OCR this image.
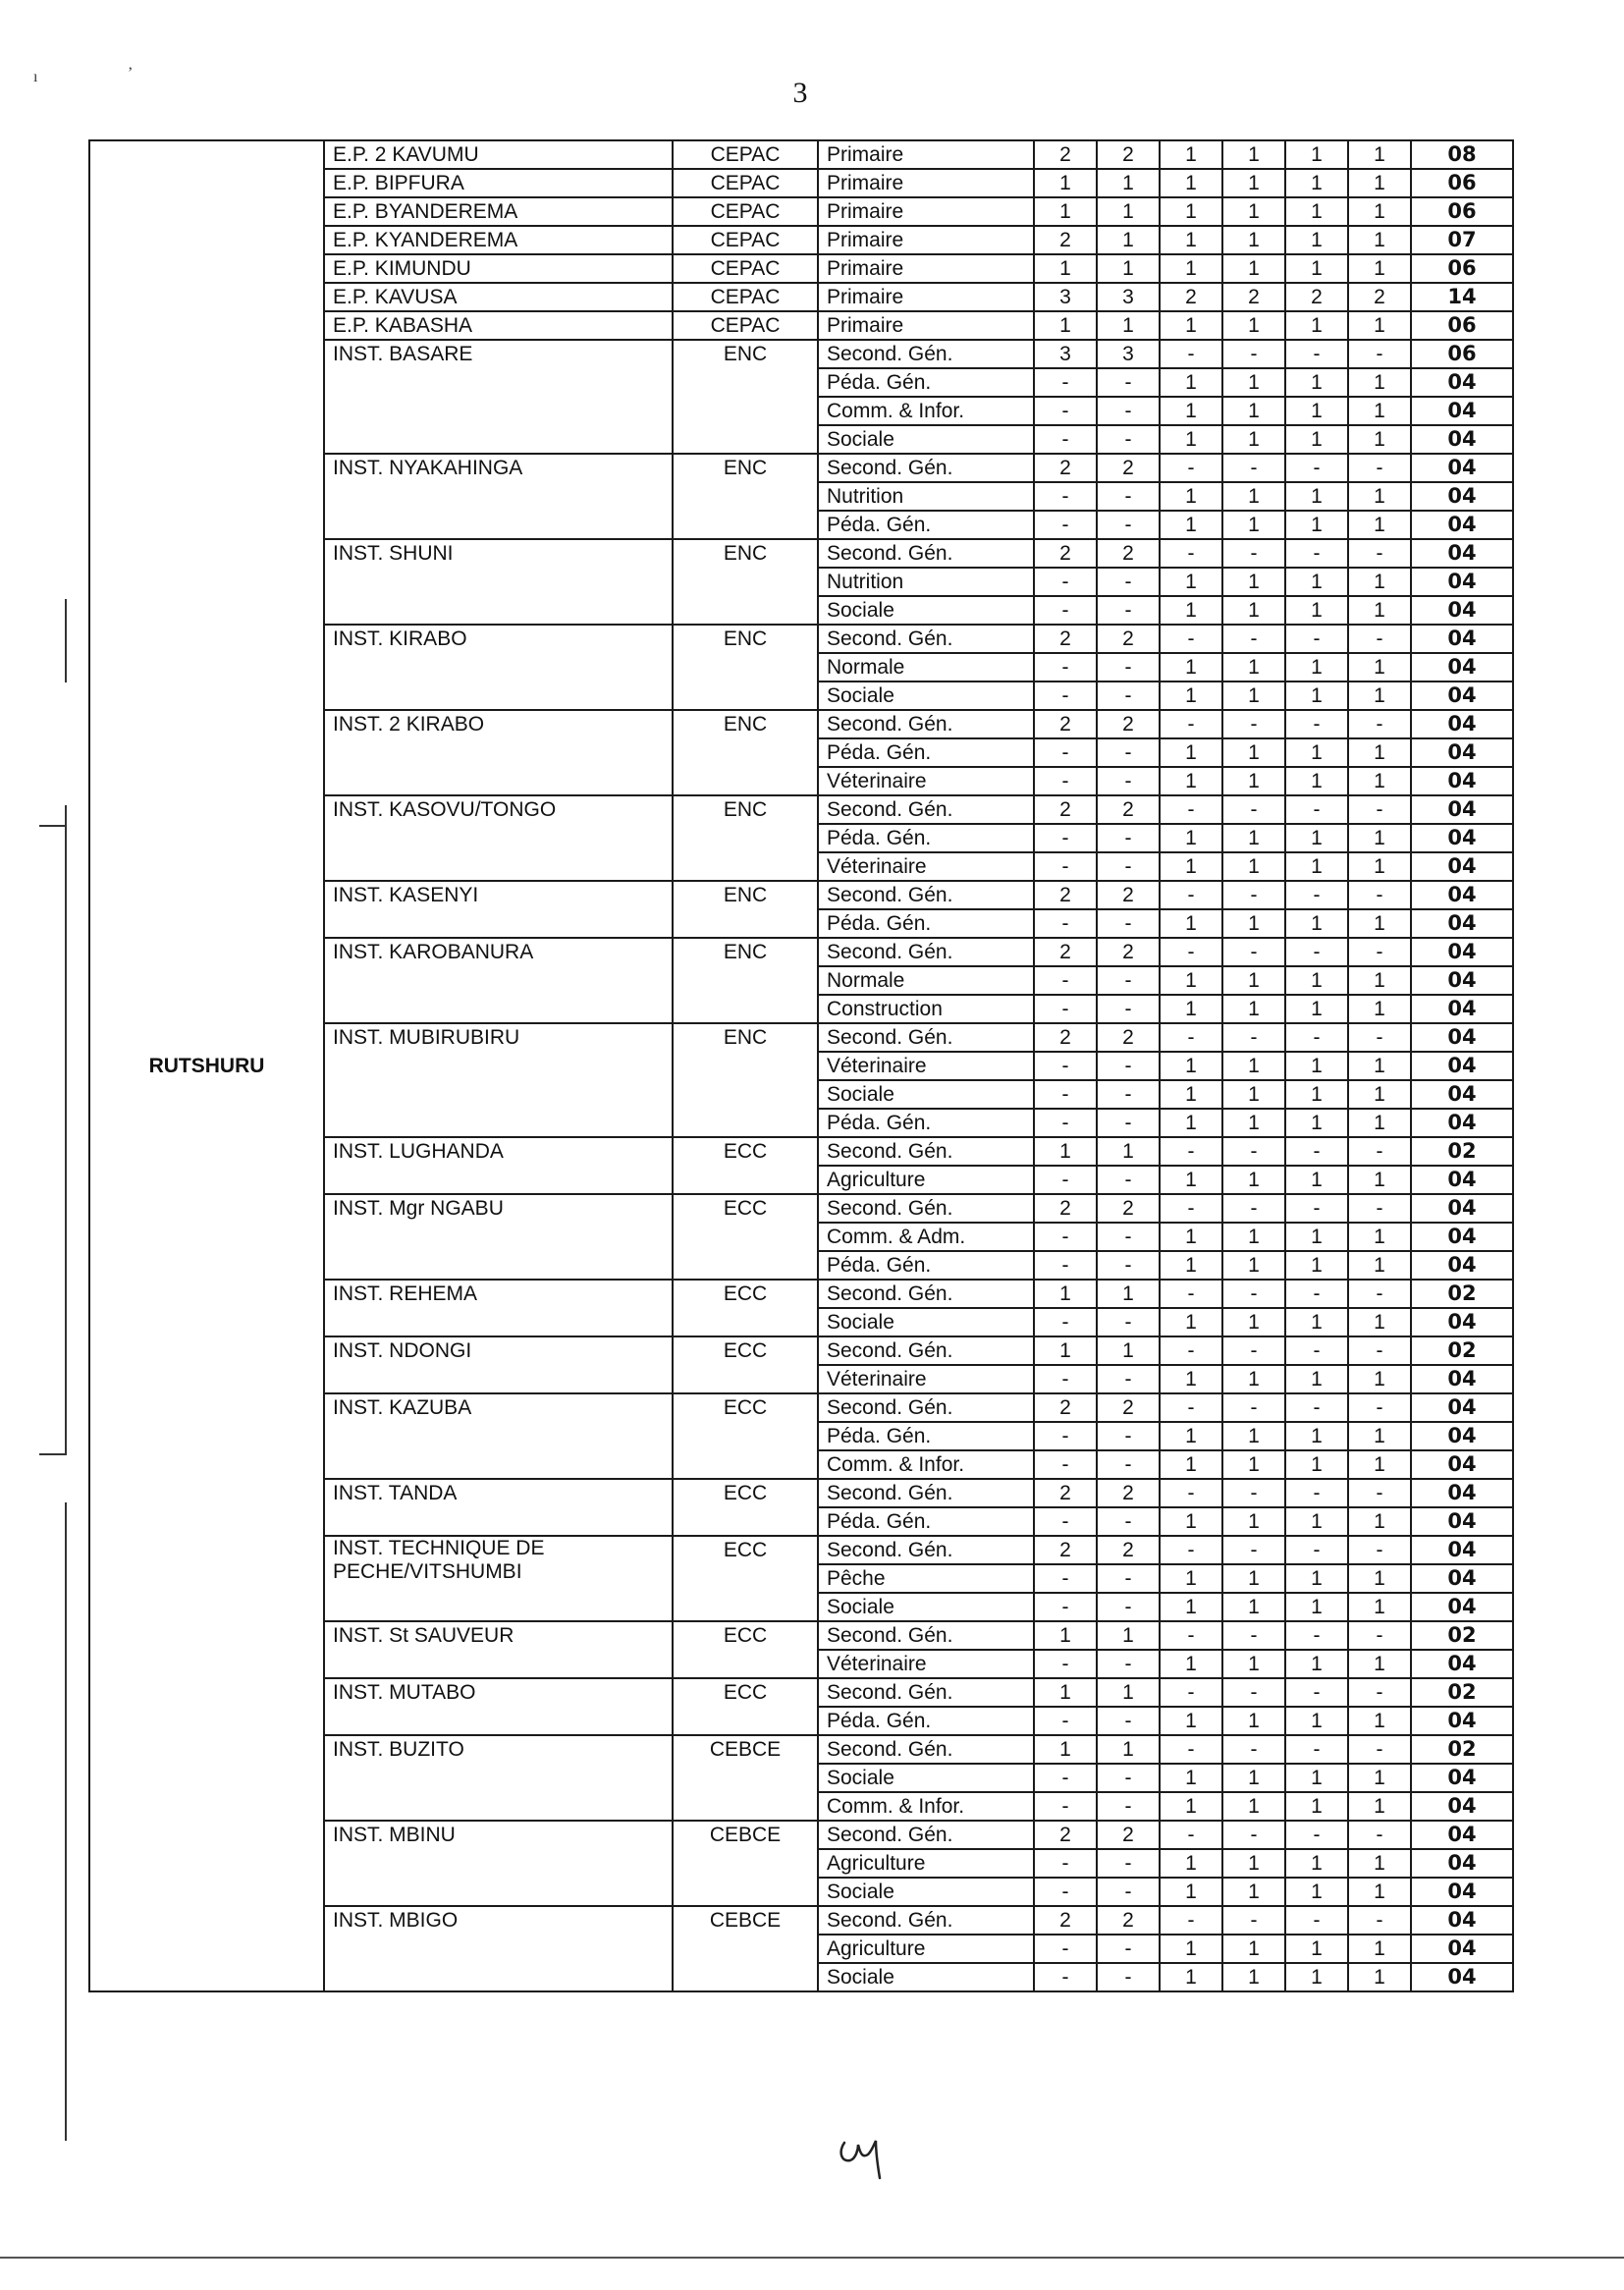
3
ı	ʼ
RUTSHURU	E.P. 2 KAVUMU	CEPAC	Primaire	2	2	1	1	1	1	08
	E.P. BIPFURA	CEPAC	Primaire	1	1	1	1	1	1	06
	E.P. BYANDEREMA	CEPAC	Primaire	1	1	1	1	1	1	06
	E.P. KYANDEREMA	CEPAC	Primaire	2	1	1	1	1	1	07
	E.P. KIMUNDU	CEPAC	Primaire	1	1	1	1	1	1	06
	E.P. KAVUSA	CEPAC	Primaire	3	3	2	2	2	2	14
	E.P. KABASHA	CEPAC	Primaire	1	1	1	1	1	1	06
	INST. BASARE	ENC	Second. Gén.	3	3	-	-	-	-	06
			Péda. Gén.	-	-	1	1	1	1	04
			Comm. & Infor.	-	-	1	1	1	1	04
			Sociale	-	-	1	1	1	1	04
	INST. NYAKAHINGA	ENC	Second. Gén.	2	2	-	-	-	-	04
			Nutrition	-	-	1	1	1	1	04
			Péda. Gén.	-	-	1	1	1	1	04
	INST. SHUNI	ENC	Second. Gén.	2	2	-	-	-	-	04
			Nutrition	-	-	1	1	1	1	04
			Sociale	-	-	1	1	1	1	04
	INST. KIRABO	ENC	Second. Gén.	2	2	-	-	-	-	04
			Normale	-	-	1	1	1	1	04
			Sociale	-	-	1	1	1	1	04
	INST. 2 KIRABO	ENC	Second. Gén.	2	2	-	-	-	-	04
			Péda. Gén.	-	-	1	1	1	1	04
			Véterinaire	-	-	1	1	1	1	04
	INST. KASOVU/TONGO	ENC	Second. Gén.	2	2	-	-	-	-	04
			Péda. Gén.	-	-	1	1	1	1	04
			Véterinaire	-	-	1	1	1	1	04
	INST. KASENYI	ENC	Second. Gén.	2	2	-	-	-	-	04
			Péda. Gén.	-	-	1	1	1	1	04
	INST. KAROBANURA	ENC	Second. Gén.	2	2	-	-	-	-	04
			Normale	-	-	1	1	1	1	04
			Construction	-	-	1	1	1	1	04
	INST. MUBIRUBIRU	ENC	Second. Gén.	2	2	-	-	-	-	04
			Véterinaire	-	-	1	1	1	1	04
			Sociale	-	-	1	1	1	1	04
			Péda. Gén.	-	-	1	1	1	1	04
	INST. LUGHANDA	ECC	Second. Gén.	1	1	-	-	-	-	02
			Agriculture	-	-	1	1	1	1	04
	INST. Mgr NGABU	ECC	Second. Gén.	2	2	-	-	-	-	04
			Comm. & Adm.	-	-	1	1	1	1	04
			Péda. Gén.	-	-	1	1	1	1	04
	INST. REHEMA	ECC	Second. Gén.	1	1	-	-	-	-	02
			Sociale	-	-	1	1	1	1	04
	INST. NDONGI	ECC	Second. Gén.	1	1	-	-	-	-	02
			Véterinaire	-	-	1	1	1	1	04
	INST. KAZUBA	ECC	Second. Gén.	2	2	-	-	-	-	04
			Péda. Gén.	-	-	1	1	1	1	04
			Comm. & Infor.	-	-	1	1	1	1	04
	INST. TANDA	ECC	Second. Gén.	2	2	-	-	-	-	04
			Péda. Gén.	-	-	1	1	1	1	04
	INST. TECHNIQUE DE PECHE/VITSHUMBI	ECC	Second. Gén.	2	2	-	-	-	-	04
			Pêche	-	-	1	1	1	1	04
			Sociale	-	-	1	1	1	1	04
	INST. St SAUVEUR	ECC	Second. Gén.	1	1	-	-	-	-	02
			Véterinaire	-	-	1	1	1	1	04
	INST. MUTABO	ECC	Second. Gén.	1	1	-	-	-	-	02
			Péda. Gén.	-	-	1	1	1	1	04
	INST. BUZITO	CEBCE	Second. Gén.	1	1	-	-	-	-	02
			Sociale	-	-	1	1	1	1	04
			Comm. & Infor.	-	-	1	1	1	1	04
	INST. MBINU	CEBCE	Second. Gén.	2	2	-	-	-	-	04
			Agriculture	-	-	1	1	1	1	04
			Sociale	-	-	1	1	1	1	04
	INST. MBIGO	CEBCE	Second. Gén.	2	2	-	-	-	-	04
			Agriculture	-	-	1	1	1	1	04
			Sociale	-	-	1	1	1	1	04
